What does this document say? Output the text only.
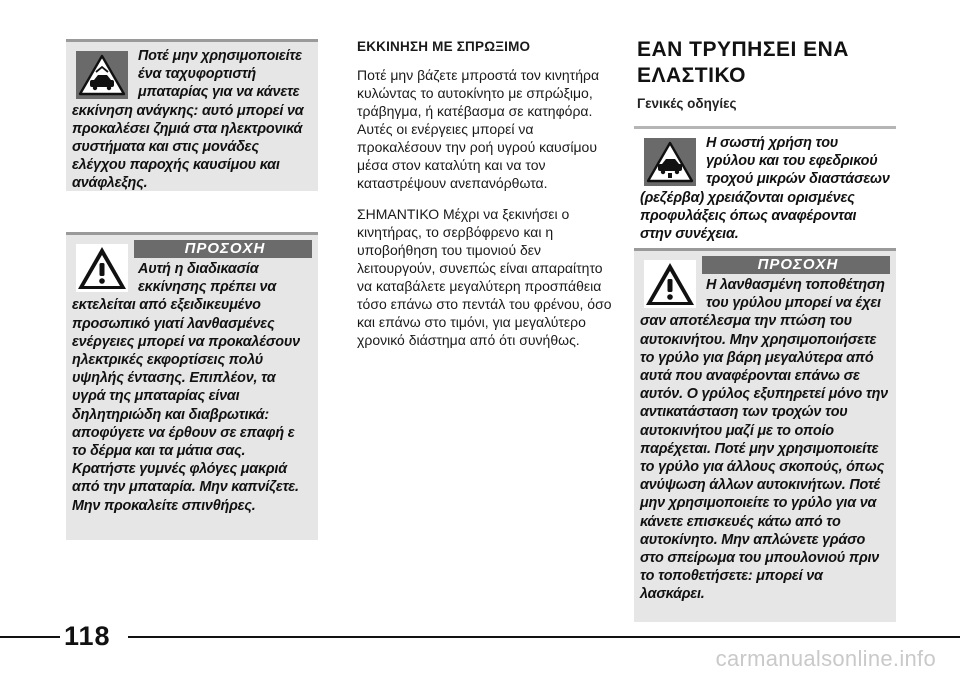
Ποτέ μην χρησιμοποιείτε ένα ταχυφορτιστή μπαταρίας για να κάνετε εκκίνηση ανάγκης: αυτό μπορεί να προκαλέσει ζημιά στα ηλεκτρονικά συστήματα και στις μονάδες ελέγχου παροχής καυσίμου και ανάφλεξης.
ΠΡΟΣΟΧΗ
Αυτή η διαδικασία εκκίνησης πρέπει να εκτελείται από εξειδικευμένο προσωπικό γιατί λανθασμένες ενέργειες μπορεί να προκαλέσουν ηλεκτρικές εκφορτίσεις πολύ υψηλής έντασης. Επιπλέον, τα υγρά της μπαταρίας είναι δηλητηριώδη και διαβρωτικά: αποφύγετε να έρθουν σε επαφή ε το δέρμα και τα μάτια σας. Κρατήστε γυμνές φλόγες μακριά από την μπαταρία. Μην καπνίζετε. Μην προκαλείτε σπινθήρες.
ΕΚΚΙΝΗΣΗ ΜΕ ΣΠΡΩΞΙΜΟ

Ποτέ μην βάζετε μπροστά τον κινητήρα κυλώντας το αυτοκίνητο με σπρώξιμο, τράβηγμα, ή κατέβασμα σε κατηφόρα. Αυτές οι ενέργειες μπορεί να προκαλέσουν την ροή υγρού καυσίμου μέσα στον καταλύτη και να τον καταστρέψουν ανεπανόρθωτα.

ΣΗΜΑΝΤΙΚΟ Μέχρι να ξεκινήσει ο κινητήρας, το σερβόφρενο και η υποβοήθηση του τιμονιού δεν λειτουργούν, συνεπώς είναι απαραίτητο να καταβάλετε μεγαλύτερη προσπάθεια τόσο επάνω στο πεντάλ του φρένου, όσο και επάνω στο τιμόνι, για μεγαλύτερο χρονικό διάστημα από ότι συνήθως.

ΕΑΝ ΤΡΥΠΗΣΕΙ ΕΝΑ ΕΛΑΣΤΙΚΟ
Γενικές οδηγίες
Η σωστή χρήση του γρύλου και του εφεδρικού τροχού μικρών διαστάσεων (ρεζέρβα) χρειάζονται ορισμένες προφυλάξεις όπως αναφέρονται στην συνέχεια.
ΠΡΟΣΟΧΗ
Η λανθασμένη τοποθέτηση του γρύλου μπορεί να έχει σαν αποτέλεσμα την πτώση του αυτοκινήτου. Μην χρησιμοποιήσετε το γρύλο για βάρη μεγαλύτερα από αυτά που αναφέρονται επάνω σε αυτόν. Ο γρύλος εξυπηρετεί μόνο την αντικατάσταση των τροχών του αυτοκινήτου μαζί με το οποίο παρέχεται. Ποτέ μην χρησιμοποιείτε το γρύλο για άλλους σκοπούς, όπως ανύψωση άλλων αυτοκινήτων. Ποτέ μην χρησιμοποιείτε το γρύλο για να κάνετε επισκευές κάτω από το αυτοκίνητο. Μην απλώνετε γράσο στο σπείρωμα του μπουλονιού πριν το τοποθετήσετε: μπορεί να λασκάρει.
118
carmanualsonline.info
